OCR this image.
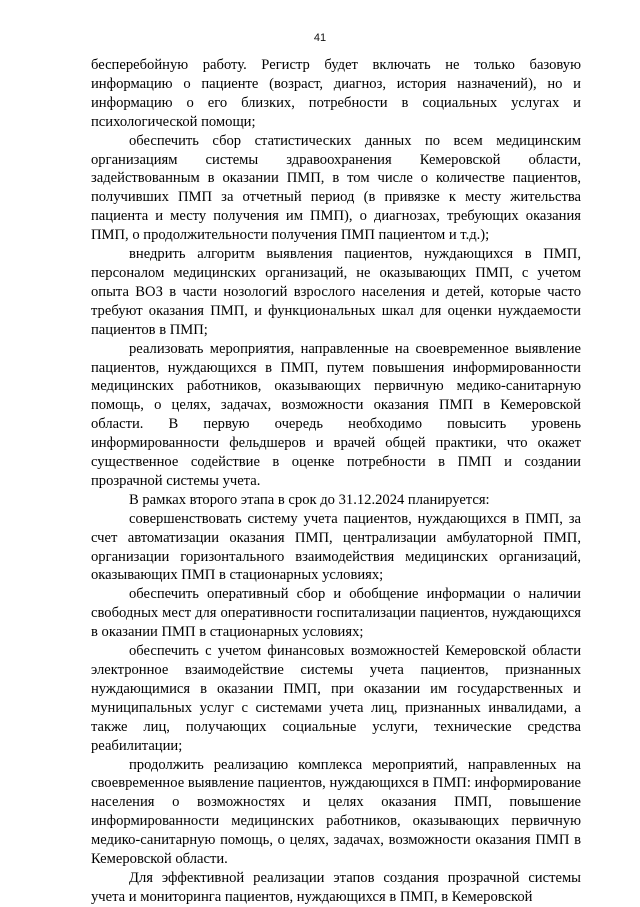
41

бесперебойную работу. Регистр будет включать не только базовую информацию о пациенте (возраст, диагноз, история назначений), но и информацию о его близких, потребности в социальных услугах и психологической помощи;

обеспечить сбор статистических данных по всем медицинским организациям системы здравоохранения Кемеровской области, задействованным в оказании ПМП, в том числе о количестве пациентов, получивших ПМП за отчетный период (в привязке к месту жительства пациента и месту получения им ПМП), о диагнозах, требующих оказания ПМП, о продолжительности получения ПМП пациентом и т.д.);

внедрить алгоритм выявления пациентов, нуждающихся в ПМП, персоналом медицинских организаций, не оказывающих ПМП, с учетом опыта ВОЗ в части нозологий взрослого населения и детей, которые часто требуют оказания ПМП, и функциональных шкал для оценки нуждаемости пациентов в ПМП;

реализовать мероприятия, направленные на своевременное выявление пациентов, нуждающихся в ПМП, путем повышения информированности медицинских работников, оказывающих первичную медико-санитарную помощь, о целях, задачах, возможности оказания ПМП в Кемеровской области. В первую очередь необходимо повысить уровень информированности фельдшеров и врачей общей практики, что окажет существенное содействие в оценке потребности в ПМП и создании прозрачной системы учета.

В рамках второго этапа в срок до 31.12.2024 планируется:

совершенствовать систему учета пациентов, нуждающихся в ПМП, за счет автоматизации оказания ПМП, централизации амбулаторной ПМП, организации горизонтального взаимодействия медицинских организаций, оказывающих ПМП в стационарных условиях;

обеспечить оперативный сбор и обобщение информации о наличии свободных мест для оперативности госпитализации пациентов, нуждающихся в оказании ПМП в стационарных условиях;

обеспечить с учетом финансовых возможностей Кемеровской области электронное взаимодействие системы учета пациентов, признанных нуждающимися в оказании ПМП, при оказании им государственных и муниципальных услуг с системами учета лиц, признанных инвалидами, а также лиц, получающих социальные услуги, технические средства реабилитации;

продолжить реализацию комплекса мероприятий, направленных на своевременное выявление пациентов, нуждающихся в ПМП: информирование населения о возможностях и целях оказания ПМП, повышение информированности медицинских работников, оказывающих первичную медико-санитарную помощь, о целях, задачах, возможности оказания ПМП в Кемеровской области.

Для эффективной реализации этапов создания прозрачной системы учета и мониторинга пациентов, нуждающихся в ПМП, в Кемеровской
